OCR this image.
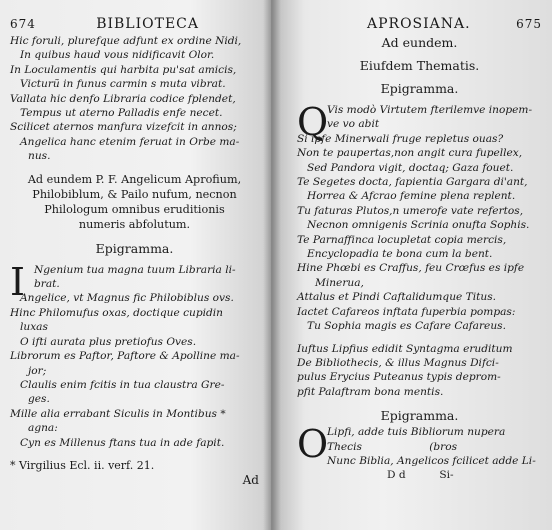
674	BIBLIOTECA
Hic foruli, plurefque adfunt ex ordine Nidi,
In quibus haud vous nidificavit Olor.
In Loculamentis qui harbita pu'sat amicis,
Victurũ in funus carmin s muta vibrat.
Vallata hic denfo Libraria codice fplendet,
Tempus ut aterno Palladis enfe necet.
Scilicet aternos manfura vizefcit in annos;
Angelica hanc etenim feruat in Orbe ma-
nus.
Ad eundem P. F. Angelicum Aprofium,
Philobiblum, & Pailo nufum, necnon
Philologum omnibus eruditionis
numeris abfolutum.
Epigramma.
I Ngenium tua magna tuum Libraria li-
brat.
Angelice, vt Magnus fic Philobiblus ovs.
Hinc Philomufus oxas, doctique cupidin
luxas
O ifti aurata plus pretiofus Oves.
Librorum es Paftor, Paftore & Apolline ma-
jor;
Claulis enim fcitis in tua claustra Gre-
ges.
Mille alia errabant Siculis in Montibus *
agna:
Cyn es Millenus ftans tua in ade fapit.
* Virgilius Ecl. ii. verf. 21.
Ad
APROSIANA.	675
Ad eundem.
Eiufdem Thematis.
Epigramma.
Q
Vis modò Virtutem fterilemve inopem-
ve vo abit
Si ipfe Minerwali fruge repletus ouas?
Non te paupertas,non angit cura fupellex,
Sed Pandora vigit, doctaq; Gaza fouet.
Te Segetes docta, fapientia Gargara di'ant,
Horrea & Afcrao femine plena replent.
Tu faturas Plutos,n umerofe vate refertos,
Necnon omnigenis Scrinia onufta Sophis.
Te Parnaffinca locupletat copia mercis,
Encyclopadia te bona cum la bent.
Hine Phœbi es Craffus, feu Crœfus es ipfe
Minerua,
Attalus et Pindi Caftalidumque Titus.
Iactet Cafareos inftata fuperbia pompas:
Tu Sophia magis es Cafare Cafareus.
Iuftus Lipfius edidit Syntagma eruditum
De Bibliothecis, & illus Magnus Difci-
pulus Erycius Puteanus typis deprom-
pfit Palaftram bona mentis.
Epigramma.
O
Lipfi, adde tuis Bibliorum nupera
Thecis                    (bros
Nunc Biblia, Angelicos fcilicet adde Li-
D d          Si-
